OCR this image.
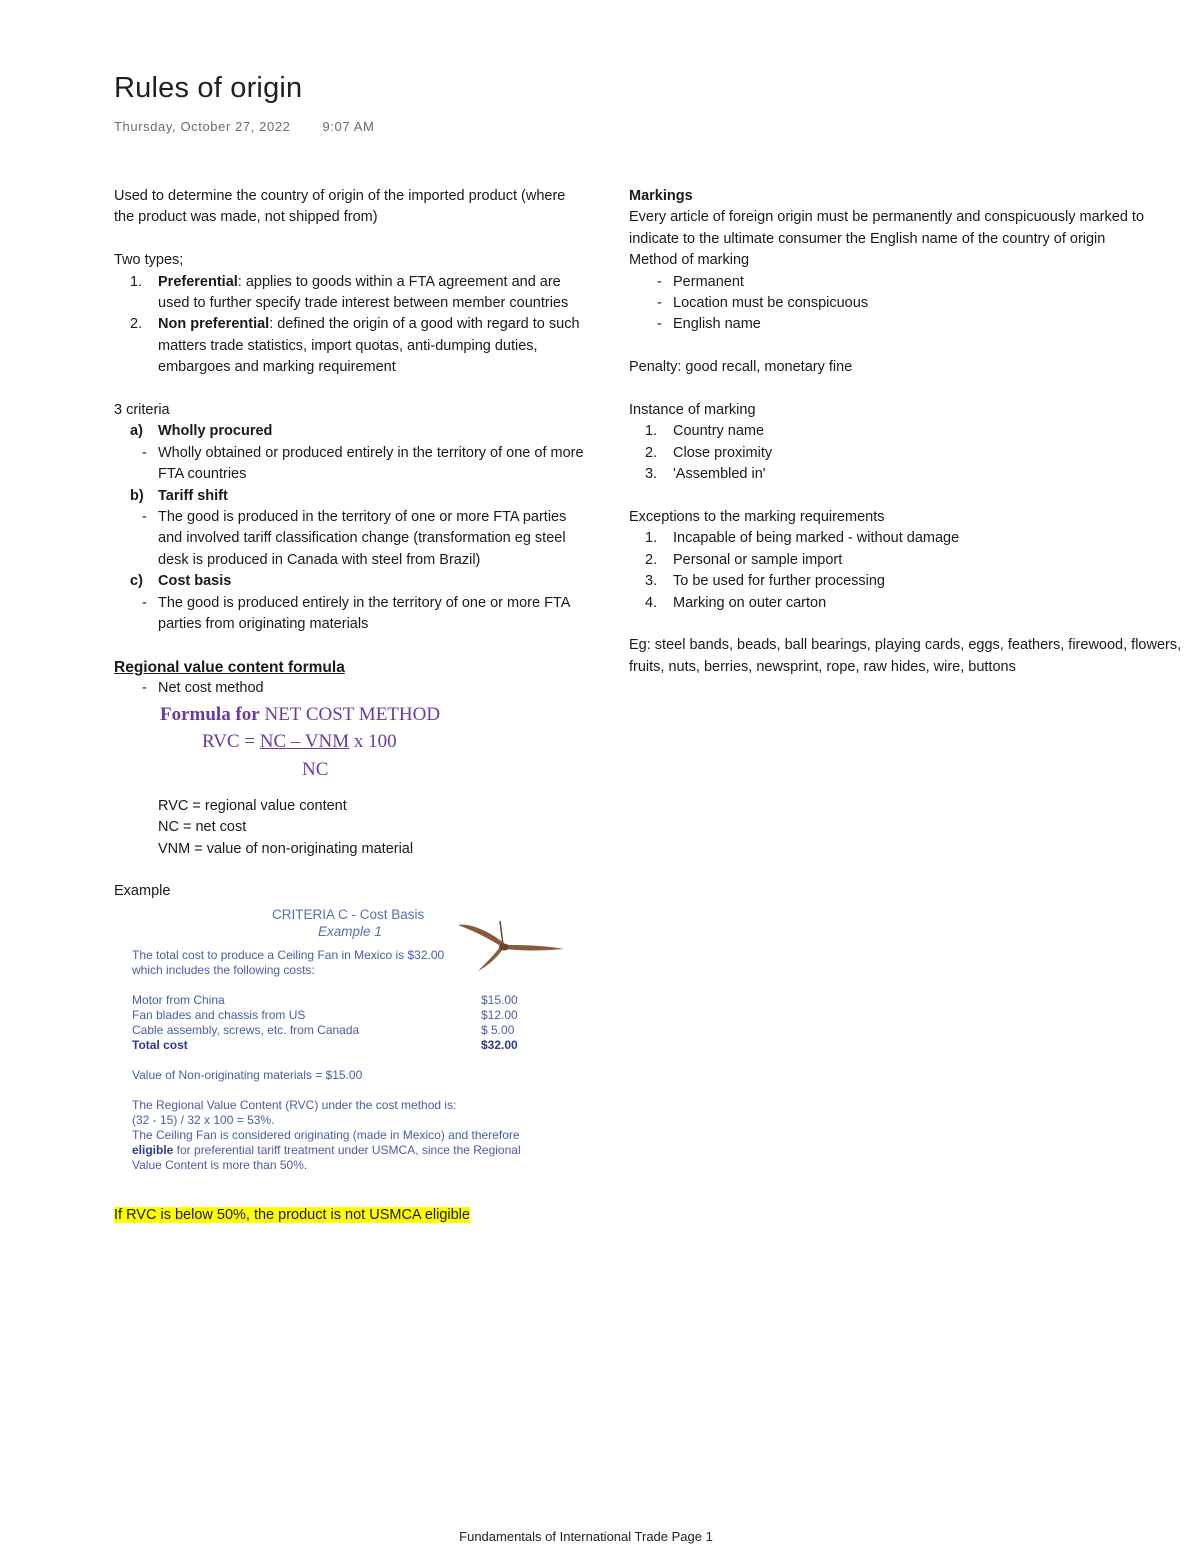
Rules of origin
Thursday, October 27, 2022 9:07 AM

Used to determine the country of origin of the imported product (where the product was made, not shipped from)

Two types;

1. Preferential: applies to goods within a FTA agreement and are used to further specify trade interest between member countries
2. Non preferential: defined the origin of a good with regard to such matters trade statistics, import quotas, anti-dumping duties, embargoes and marking requirement

3 criteria

a) Wholly procured
- Wholly obtained or produced entirely in the territory of one of more FTA countries
b) Tariff shift
- The good is produced in the territory of one or more FTA parties and involved tariff classification change (transformation eg steel desk is produced in Canada with steel from Brazil)
c) Cost basis
- The good is produced entirely in the territory of one or more FTA parties from originating materials

Regional value content formula

- Net cost method
Formula for NET COST METHOD
RVC = NC – VNM x 100
NC

RVC = regional value content

NC = net cost

VNM = value of non-originating material

Example

CRITERIA C - Cost Basis
Example 1
The total cost to produce a Ceiling Fan in Mexico is $32.00 which includes the following costs:
Motor from China	$15.00
Fan blades and chassis from US	$12.00
Cable assembly, screws, etc. from Canada	$ 5.00
Total cost	$32.00
Value of Non-originating materials = $15.00
The Regional Value Content (RVC) under the cost method is:
(32 - 15) / 32 x 100 = 53%.
The Ceiling Fan is considered originating (made in Mexico) and therefore eligible for preferential tariff treatment under USMCA, since the Regional Value Content is more than 50%.

If RVC is below 50%, the product is not USMCA eligible

Markings

Every article of foreign origin must be permanently and conspicuously marked to indicate to the ultimate consumer the English name of the country of origin

Method of marking

- Permanent
- Location must be conspicuous
- English name

Penalty: good recall, monetary fine

Instance of marking

1. Country name
2. Close proximity
3. 'Assembled in'

Exceptions to the marking requirements

1. Incapable of being marked - without damage
2. Personal or sample import
3. To be used for further processing
4. Marking on outer carton

Eg: steel bands, beads, ball bearings, playing cards, eggs, feathers, firewood, flowers, fruits, nuts, berries, newsprint, rope, raw hides, wire, buttons

Fundamentals of International Trade Page 1
